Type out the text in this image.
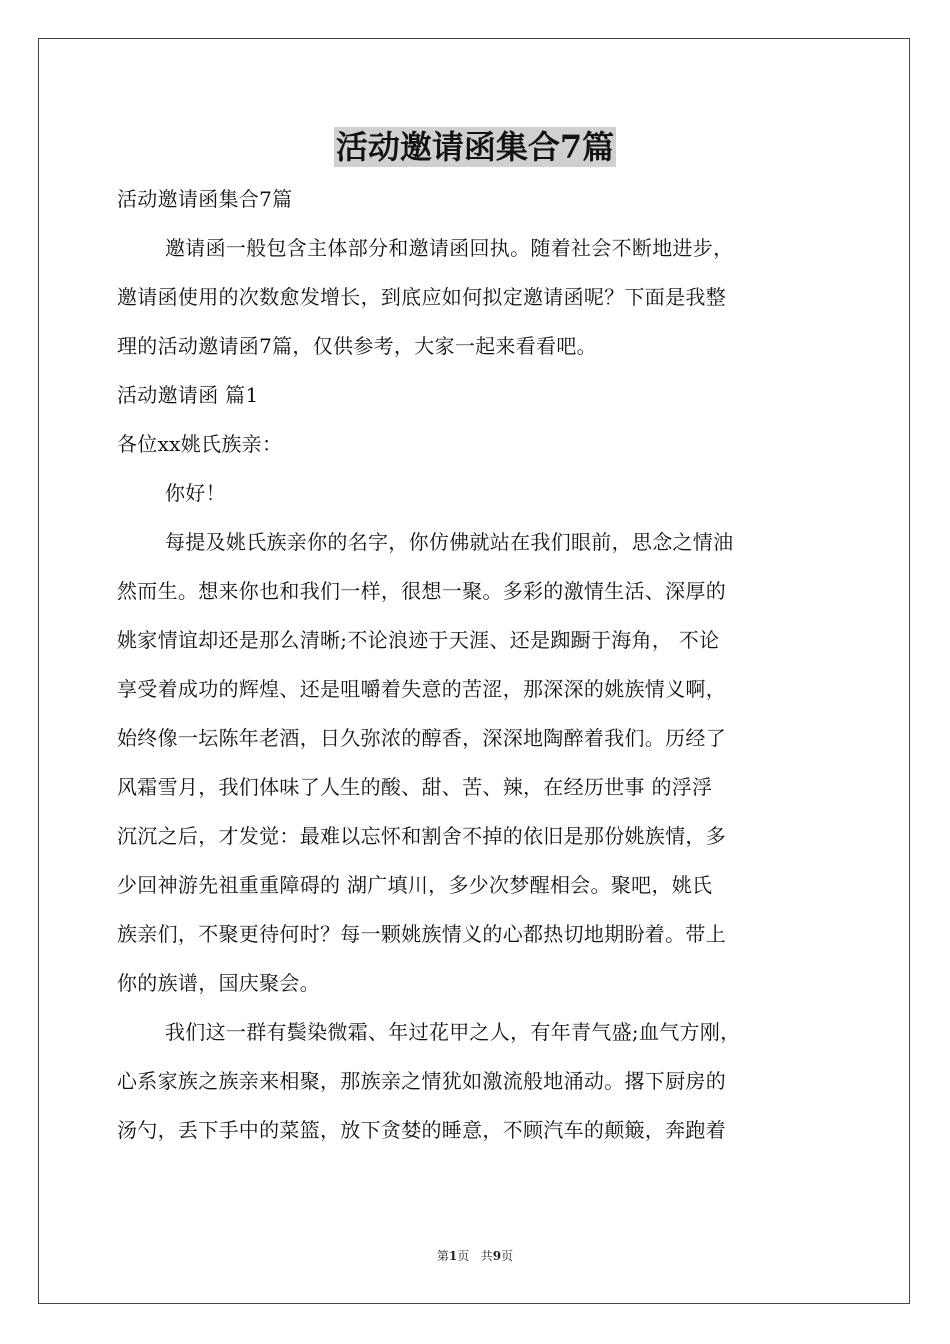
活动邀请函集合7篇
活动邀请函集合7篇
邀请函一般包含主体部分和邀请函回执。随着社会不断地进步，
邀请函使用的次数愈发增长，到底应如何拟定邀请函呢？下面是我整
理的活动邀请函7篇，仅供参考，大家一起来看看吧。
活动邀请函 篇1
各位xx姚氏族亲：
你好！
每提及姚氏族亲你的名字，你仿佛就站在我们眼前，思念之情油
然而生。想来你也和我们一样，很想一聚。多彩的激情生活、深厚的
姚家情谊却还是那么清晰;不论浪迹于天涯、还是踟蹰于海角， 不论
享受着成功的辉煌、还是咀嚼着失意的苦涩，那深深的姚族情义啊，
始终像一坛陈年老酒，日久弥浓的醇香，深深地陶醉着我们。历经了
风霜雪月，我们体味了人生的酸、甜、苦、辣，在经历世事 的浮浮
沉沉之后，才发觉：最难以忘怀和割舍不掉的依旧是那份姚族情，多
少回神游先祖重重障碍的 湖广填川，多少次梦醒相会。聚吧，姚氏
族亲们，不聚更待何时？每一颗姚族情义的心都热切地期盼着。带上
你的族谱，国庆聚会。
我们这一群有鬓染微霜、年过花甲之人，有年青气盛;血气方刚，
心系家族之族亲来相聚，那族亲之情犹如激流般地涌动。撂下厨房的
汤勺，丢下手中的菜篮，放下贪婪的睡意，不顾汽车的颠簸，奔跑着
第1页   共9页
